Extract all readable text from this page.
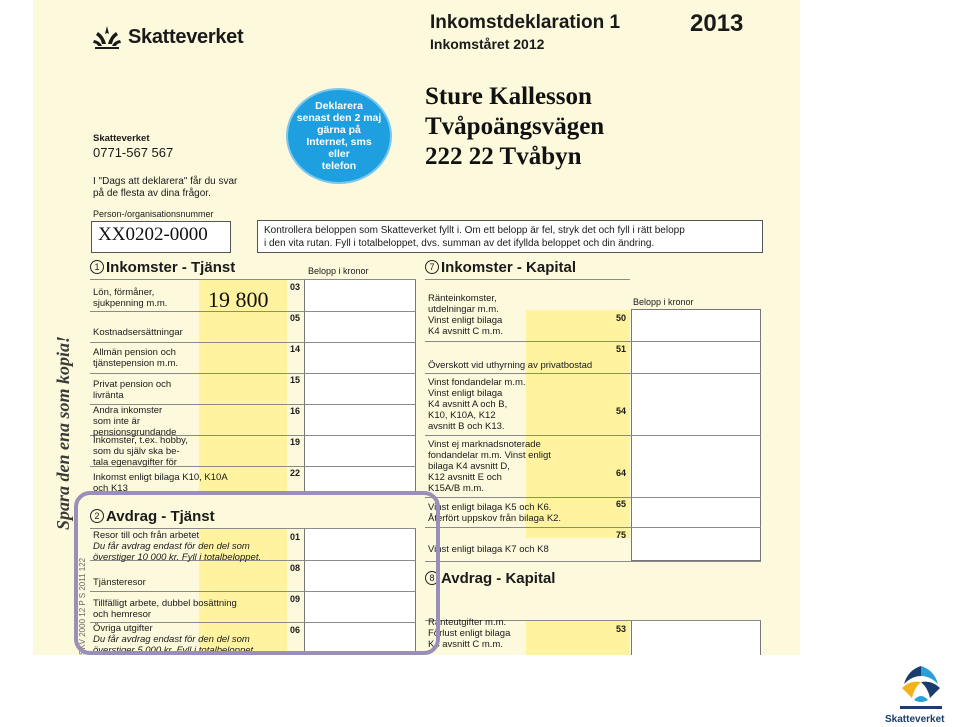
Spara den ena som kopia!
SKV 2000 12 P S 2011 122
Skatteverket
Inkomstdeklaration 1
Inkomståret 2012
2013
Skatteverket
0771-567 567
I "Dags att deklarera" får du svar
på de flesta av dina frågor.
Person-/organisationsnummer
XX0202-0000
Deklarera
senast den 2 maj
gärna på
Internet, sms
eller
telefon
Sture Kallesson
Tvåpoängsvägen
222 22 Tvåbyn
Kontrollera beloppen som Skatteverket fyllt i. Om ett belopp är fel, stryk det och fyll i rätt belopp
i den vita rutan. Fyll i totalbeloppet, dvs. summan av det ifyllda beloppet och din ändring.
1 Inkomster - Tjänst	Belopp i kronor
Lön, förmåner,
sjukpenning m.m.
03
19 800
Kostnadsersättningar
05
Allmän pension och
tjänstepension m.m.
14
Privat pension och
livränta
15
Andra inkomster
som inte är
pensionsgrundande
16
Inkomster, t.ex. hobby,
som du själv ska be-
tala egenavgifter för
19
Inkomst enligt bilaga K10, K10A
och K13
22
2 Avdrag - Tjänst
Resor till och från arbetet
Du får avdrag endast för den del som
överstiger 10 000 kr. Fyll i totalbeloppet.
01
Tjänsteresor
08
Tillfälligt arbete, dubbel bosättning
och hemresor
09
Övriga utgifter
Du får avdrag endast för den del som
överstiger 5 000 kr. Fyll i totalbeloppet.
06
7 Inkomster - Kapital
Belopp i kronor
Ränteinkomster,
utdelningar m.m.
Vinst enligt bilaga
K4 avsnitt C m.m.
50
Överskott vid uthyrning av privatbostad
51
Vinst fondandelar m.m.
Vinst enligt bilaga
K4 avsnitt A och B,
K10, K10A, K12
avsnitt B och K13.
54
Vinst ej marknadsnoterade
fondandelar m.m. Vinst enligt
bilaga K4 avsnitt D,
K12 avsnitt E och
K15A/B m.m.
64
Vinst enligt bilaga K5 och K6.
Återfört uppskov från bilaga K2.
65
Vinst enligt bilaga K7 och K8
75
8 Avdrag - Kapital
Ränteutgifter m.m.
Förlust enligt bilaga
K4 avsnitt C m.m.
53
Skatteverket
